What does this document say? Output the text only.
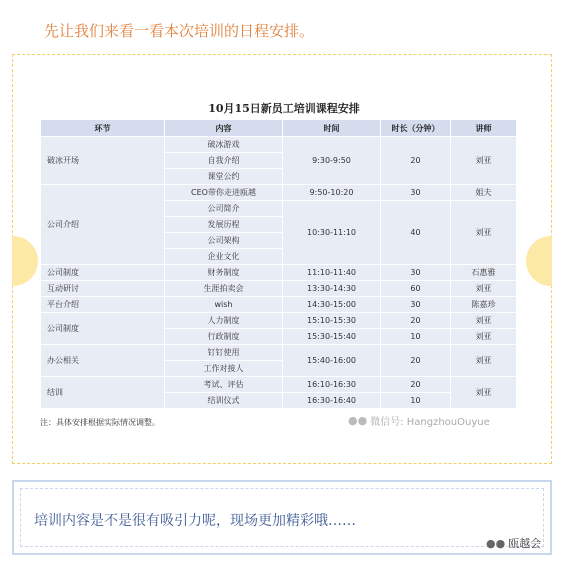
先让我们来看一看本次培训的日程安排。
10月15日新员工培训课程安排
环节	内容	时间	时长（分钟）	讲师
破冰开场	破冰游戏	9:30-9:50	20	刘亚
	自我介绍			
	课堂公约			
公司介绍	CEO带你走进瓯越	9:50-10:20	30	姐夫
	公司简介	10:30-11:10	40	刘亚
	发展历程			
	公司架构			
	企业文化			
公司制度	财务制度	11:10-11:40	30	石惠雅
互动研讨	生涯拍卖会	13:30-14:30	60	刘亚
平台介绍	wish	14:30-15:00	30	陈嘉珍
公司制度	人力制度	15:10-15:30	20	刘亚
	行政制度	15:30-15:40	10	刘亚
办公相关	钉钉使用	15:40-16:00	20	刘亚
	工作对接人			
结训	考试、评估	16:10-16:30	20	刘亚
	结训仪式	16:30-16:40	10	
注：具体安排根据实际情况调整。	●● 微信号: HangzhouOuyue
培训内容是不是很有吸引力呢，现场更加精彩哦……
●● 瓯越会
